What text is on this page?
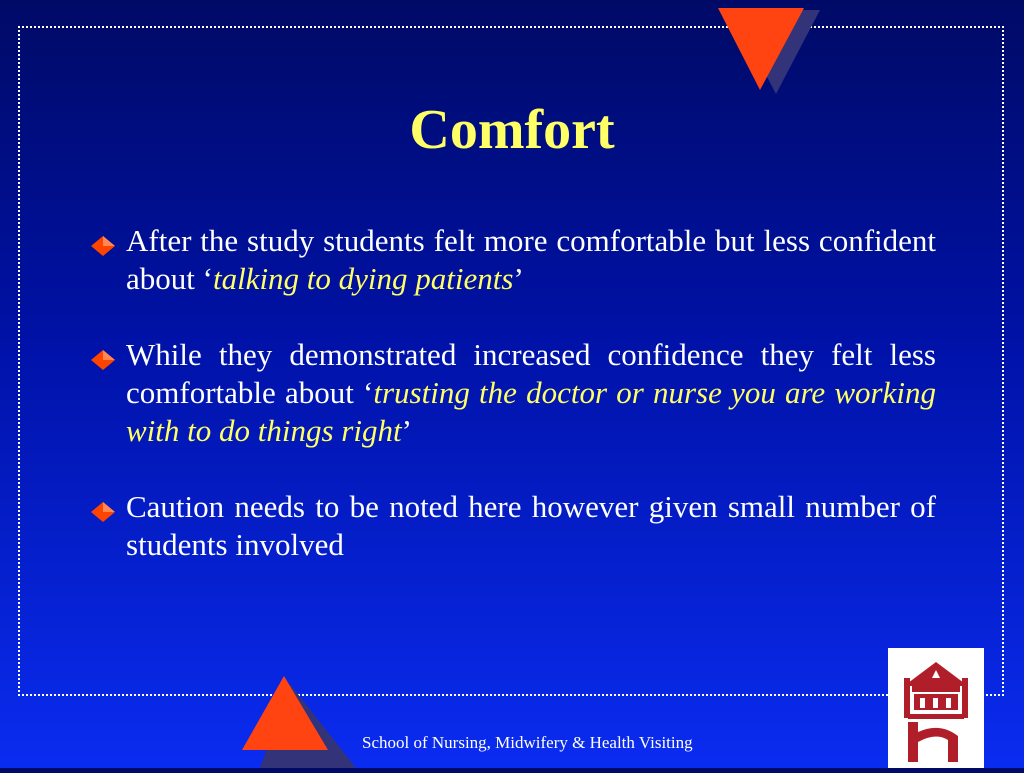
Comfort
After the study students felt more comfortable but less confident about ‘talking to dying patients’
While they demonstrated increased confidence they felt less comfortable about ‘trusting the doctor or nurse you are working with to do things right’
Caution needs to be noted here however given small number of students involved
School of Nursing, Midwifery & Health Visiting
